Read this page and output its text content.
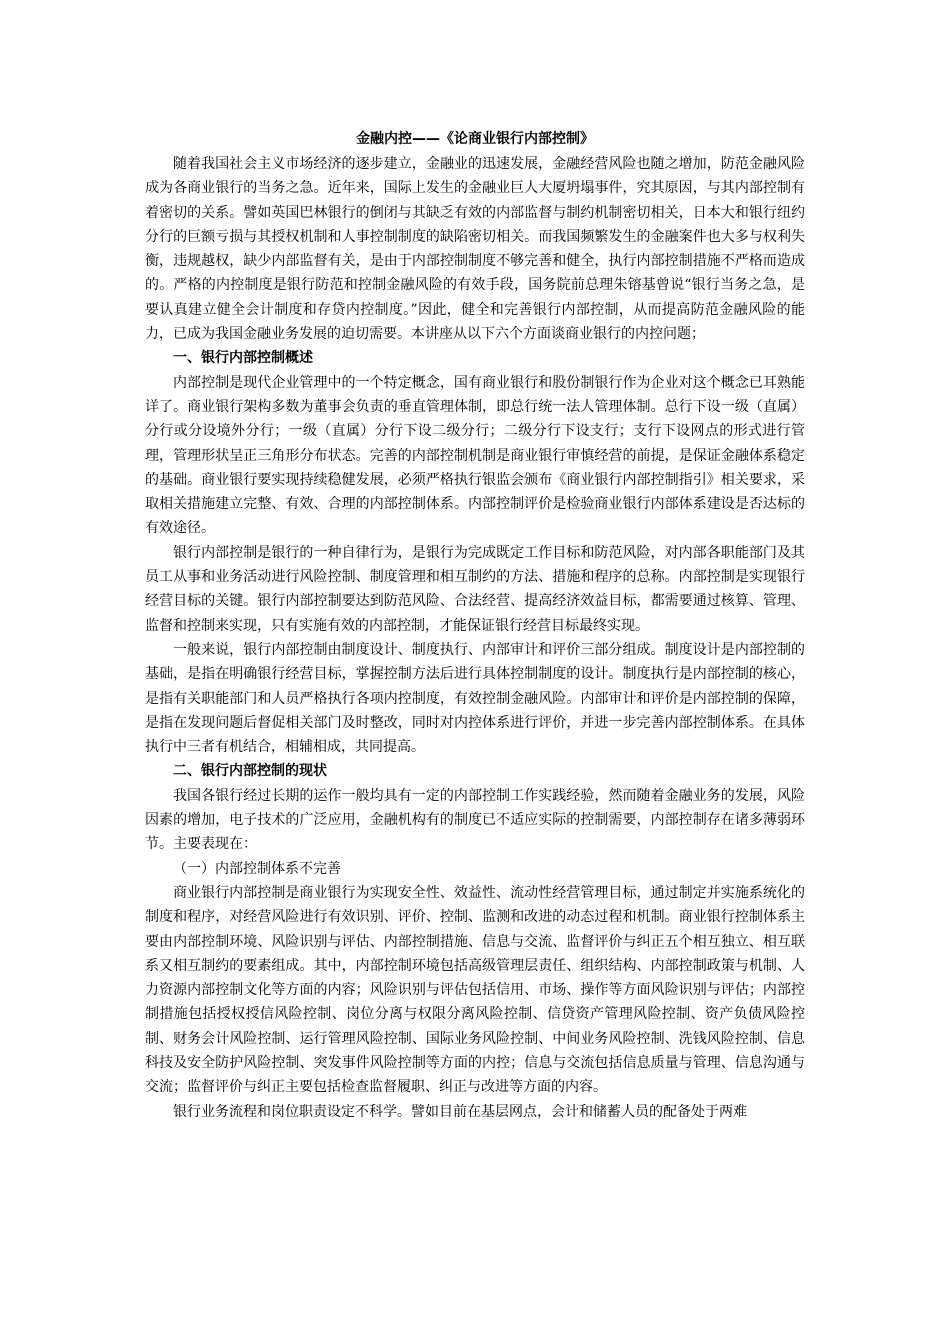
金融内控——《论商业银行内部控制》

随着我国社会主义市场经济的逐步建立，金融业的迅速发展，金融经营风险也随之增加，防范金融风险成为各商业银行的当务之急。近年来，国际上发生的金融业巨人大厦坍塌事件，究其原因，与其内部控制有着密切的关系。譬如英国巴林银行的倒闭与其缺乏有效的内部监督与制约机制密切相关，日本大和银行纽约分行的巨额亏损与其授权机制和人事控制制度的缺陷密切相关。而我国频繁发生的金融案件也大多与权利失衡，违规越权，缺少内部监督有关，是由于内部控制制度不够完善和健全，执行内部控制措施不严格而造成的。严格的内控制度是银行防范和控制金融风险的有效手段，国务院前总理朱镕基曾说“银行当务之急，是要认真建立健全会计制度和存贷内控制度。”因此，健全和完善银行内部控制，从而提高防范金融风险的能力，已成为我国金融业务发展的迫切需要。本讲座从以下六个方面谈商业银行的内控问题；

一、银行内部控制概述

内部控制是现代企业管理中的一个特定概念，国有商业银行和股份制银行作为企业对这个概念已耳熟能详了。商业银行架构多数为董事会负责的垂直管理体制，即总行统一法人管理体制。总行下设一级（直属）分行或分设境外分行；一级（直属）分行下设二级分行；二级分行下设支行；支行下设网点的形式进行管理，管理形状呈正三角形分布状态。完善的内部控制机制是商业银行审慎经营的前提，是保证金融体系稳定的基础。商业银行要实现持续稳健发展，必须严格执行银监会颁布《商业银行内部控制指引》相关要求，采取相关措施建立完整、有效、合理的内部控制体系。内部控制评价是检验商业银行内部体系建设是否达标的有效途径。

银行内部控制是银行的一种自律行为，是银行为完成既定工作目标和防范风险，对内部各职能部门及其员工从事和业务活动进行风险控制、制度管理和相互制约的方法、措施和程序的总称。内部控制是实现银行经营目标的关键。银行内部控制要达到防范风险、合法经营、提高经济效益目标，都需要通过核算、管理、监督和控制来实现，只有实施有效的内部控制，才能保证银行经营目标最终实现。

一般来说，银行内部控制由制度设计、制度执行、内部审计和评价三部分组成。制度设计是内部控制的基础，是指在明确银行经营目标，掌握控制方法后进行具体控制制度的设计。制度执行是内部控制的核心，是指有关职能部门和人员严格执行各项内控制度，有效控制金融风险。内部审计和评价是内部控制的保障，是指在发现问题后督促相关部门及时整改，同时对内控体系进行评价，并进一步完善内部控制体系。在具体执行中三者有机结合，相辅相成，共同提高。

二、银行内部控制的现状

我国各银行经过长期的运作一般均具有一定的内部控制工作实践经验，然而随着金融业务的发展，风险因素的增加，电子技术的广泛应用，金融机构有的制度已不适应实际的控制需要，内部控制存在诸多薄弱环节。主要表现在：

（一）内部控制体系不完善

商业银行内部控制是商业银行为实现安全性、效益性、流动性经营管理目标，通过制定并实施系统化的制度和程序，对经营风险进行有效识别、评价、控制、监测和改进的动态过程和机制。商业银行控制体系主要由内部控制环境、风险识别与评估、内部控制措施、信息与交流、监督评价与纠正五个相互独立、相互联系又相互制约的要素组成。其中，内部控制环境包括高级管理层责任、组织结构、内部控制政策与机制、人力资源内部控制文化等方面的内容；风险识别与评估包括信用、市场、操作等方面风险识别与评估；内部控制措施包括授权授信风险控制、岗位分离与权限分离风险控制、信贷资产管理风险控制、资产负债风险控制、财务会计风险控制、运行管理风险控制、国际业务风险控制、中间业务风险控制、洗钱风险控制、信息科技及安全防护风险控制、突发事件风险控制等方面的内控；信息与交流包括信息质量与管理、信息沟通与交流；监督评价与纠正主要包括检查监督履职、纠正与改进等方面的内容。

银行业务流程和岗位职责设定不科学。譬如目前在基层网点，会计和储蓄人员的配备处于两难
